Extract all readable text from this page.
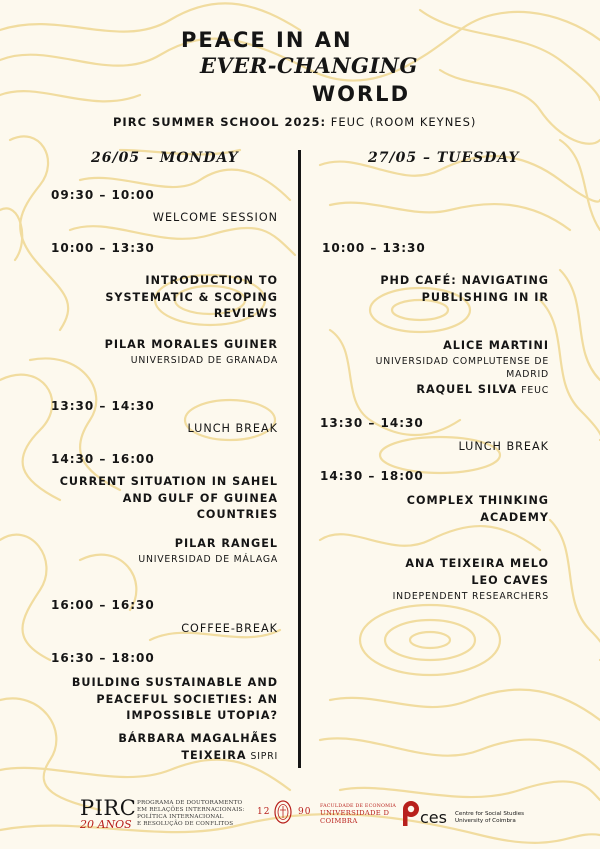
PEACE IN AN
EVER-CHANGING
WORLD
PIRC SUMMER SCHOOL 2025: FEUC (ROOM KEYNES)
26/05 – MONDAY	27/05 – TUESDAY
09:30 – 10:00
WELCOME SESSION
10:00 – 13:30
INTRODUCTION TO SYSTEMATIC & SCOPING REVIEWS
PILAR MORALES GUINER
UNIVERSIDAD DE GRANADA
13:30 – 14:30
LUNCH BREAK
14:30 – 16:00
CURRENT SITUATION IN SAHEL AND GULF OF GUINEA COUNTRIES
PILAR RANGEL
UNIVERSIDAD DE MÁLAGA
16:00 – 16:30
COFFEE-BREAK
16:30 – 18:00
BUILDING SUSTAINABLE AND PEACEFUL SOCIETIES: AN IMPOSSIBLE UTOPIA?
BÁRBARA MAGALHÃES
TEIXEIRA SIPRI
10:00 – 13:30
PHD CAFÉ: NAVIGATING PUBLISHING IN IR
ALICE MARTINI
UNIVERSIDAD COMPLUTENSE DE MADRID
RAQUEL SILVA FEUC
13:30 – 14:30
LUNCH BREAK
14:30 – 18:00
COMPLEX THINKING ACADEMY
ANA TEIXEIRA MELO
LEO CAVES
INDEPENDENT RESEARCHERS
PIRC
20 ANOS
PROGRAMA DE DOUTORAMENTO
EM RELAÇÕES INTERNACIONAIS:
POLÍTICA INTERNACIONAL
E RESOLUÇÃO DE CONFLITOS
12	90
FACULDADE DE ECONOMIA
UNIVERSIDADE D
COIMBRA	ces Centre for Social Studies
University of Coimbra
